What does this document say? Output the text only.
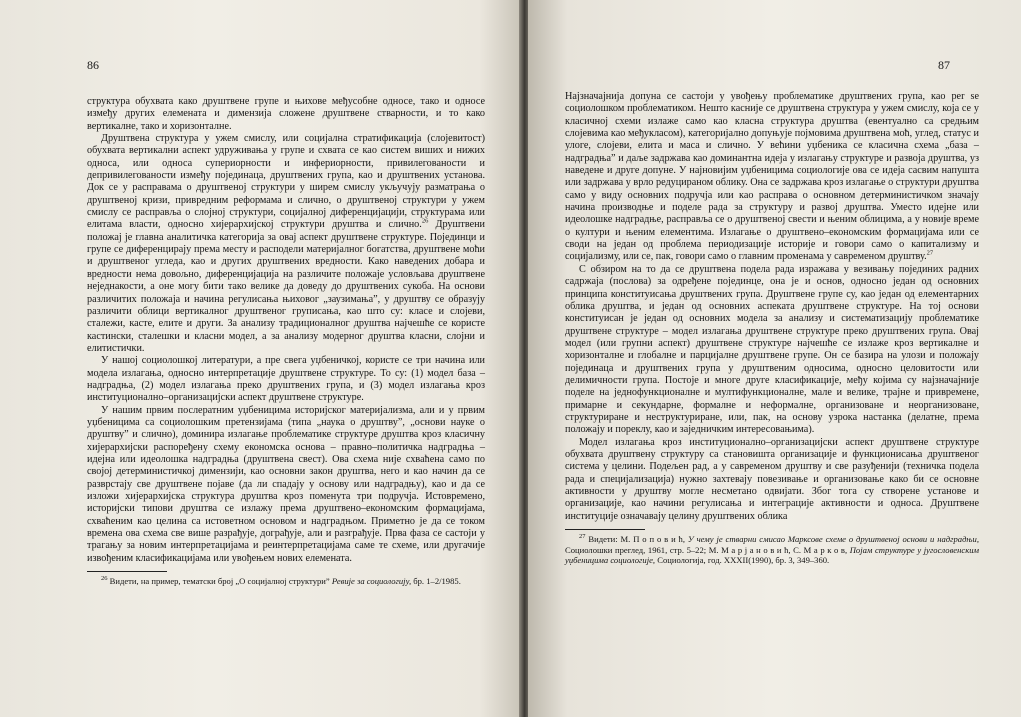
86

структура обухвата како друштвене групе и њихове међусобне односе, тако и односе између других елемената и димензија сложене друштвене стварности, и то како вертикалне, тако и хоризонталне.

Друштвена структура у ужем смислу, или социјална стратификација (слојевитост) обухвата вертикални аспект удруживања у групе и схвата се као систем виших и нижих односа, или односа супериорности и инфериорности, привилегованости и депривилегованости између појединаца, друштвених група, као и друштвених установа. Док се у расправама о друштвеној структури у ширем смислу укључују разматрања о друштвеној кризи, привредним реформама и слично, о друштвеној структури у ужем смислу се расправља о слојној структури, социјалној диференцијацији, структурама или елитама власти, односно хијерархијској структури друштва и слично.$^{26}$ Друштвени положај је главна аналитичка категорија за овај аспект друштвене структуре. Појединци и групе се диференцирају према месту и расподели материјалног богатства, друштвене моћи и друштвеног угледа, као и других друштвених вредности. Како наведених добара и вредности нема довољно, диференцијација на различите положаје условљава друштвене неједнакости, а оне могу бити тако велике да доведу до друштвених сукоба. На основи различитих положаја и начина регулисања њиховог „заузимања”, у друштву се образују различити облици вертикалног друштвеног груписања, као што су: класе и слојеви, сталежи, касте, елите и други. За анализу традиционалног друштва најчешће се користе кастински, сталешки и класни модел, а за анализу модерног друштва класни, слојни и елитистички.

У нашој социолошкој литератури, а пре свега уџбеничкој, користе се три начина или модела излагања, односно интерпретације друштвене структуре. То су: (1) модел база – надградња, (2) модел излагања преко друштвених група, и (3) модел излагања кроз институционално–организацијски аспект друштвене структуре.

У нашим првим послератним уџбеницима историјског материјализма, али и у првим уџбеницима са социолошким претензијама (типа „наука о друштву”, „основи науке о друштву” и слично), доминира излагање проблематике структуре друштва кроз класичну хијерархијски распоређену схему економска основа – правно–политичка надградња – идејна или идеолошка надградња (друштвена свест). Ова схема није схваћена само по својој детерминистичкој димензији, као основни закон друштва, него и као начин да се развpстају све друштвене појаве (да ли спадају у основу или надградњу), као и да се изложи хијерархијска структура друштва кроз поменута три подручја. Истовремено, историјски типови друштва се излажу према друштвено–економским формацијама, схваћеним као целина са истоветном основом и надградњом. Приметно је да се током времена ова схема све више разрађује, дограђује, али и разграђује. Прва фаза се састоји у трагању за новим интерпретацијама и реинтерпретацијама саме те схеме, или другачије извођеним класификацијама или увођењем нових елемената.

$^{26}$ Видети, на пример, тематски број „О социјалној структури” Ревије за социологију, бр. 1–2/1985.

87

Најзначајнија допуна се састоји у увођењу проблематике друштвених група, као per se социолошком проблематиком. Нешто касније се друштвена структура у ужем смислу, која се у класичној схеми излаже само као класна структура друштва (евентуално са средњим слојевима као међукласом), категоријално допуњује појмовима друштвена моћ, углед, статус и улоге, слојеви, елита и маса и слично. У већини уџбеника се класична схема „база – надградња” и даље задржава као доминантна идеја у излагању структуре и развоја друштва, уз наведене и друге допуне. У најновијим уџбеницима социологије ова се идеја сасвим напушта или задржава у врло редуцираном облику. Она се задржава кроз излагање о структури друштва само у виду основних подручја или као расправа о основном детерминистичком значају начина производње и поделе рада за структуру и развој друштва. Уместо идејне или идеолошке надградње, расправља се о друштвеној свести и њеним облицима, а у новије време о култури и њеним елементима. Излагање о друштвено–економским формацијама или се своди на један од проблема периодизације историје и говори само о капитализму и социјализму, или се, пак, говори само о главним променама у савременом друштву.$^{27}$

С обзиром на то да се друштвена подела рада изражава у везивању појединих радних садржаја (послова) за одређене појединце, она је и основ, односно један од основних принципа конституисања друштвених група. Друштвене групе су, као један од елементарних облика друштва, и један од основних аспеката друштвене структуре. На тој основи конституисан је један од основних модела за анализу и систематизацију проблематике друштвене структуре – модел излагања друштвене структуре преко друштвених група. Овај модел (или групни аспект) друштвене структуре најчешће се излаже кроз вертикалне и хоризонталне и глобалне и парцијалне друштвене групе. Он се базира на улози и положају појединаца и друштвених група у друштвеним односима, односно целовитости или делимичности група. Постоје и многе друге класификације, међу којима су најзначајније поделе на једнофункционалне и мултифункционалне, мале и велике, трајне и привремене, примарне и секундарне, формалне и неформалне, организоване и неорганизоване, структуриране и неструктуриране, или, пак, на основу узрока настанка (делатне, према положају и пореклу, као и заједничким интересовањима).

Модел излагања кроз институционално–организацијски аспект друштвене структуре обухвата друштвену структуру са становишта организације и функционисања друштвеног система у целини. Подељен рад, а у савременом друштву и све разуђенији (техничка подела рада и специјализација) нужно захтевају повезивање и организовање како би се основне активности у друштву могле несметано одвијати. Због тога су створене установе и организације, као начини регулисања и интеграције активности и односа. Друштвене институције означавају целину друштвених облика

$^{27}$ Видети: М. П о п о в и ћ, У чему је стварни смисао Марксове схеме о друштвеној основи и надградњи, Социолошки преглед, 1961, стр. 5–22; М. М а р ј а н о в и ћ, С. М а р к о в, Појам структуре у југословенским уџбеницима социологије, Социологија, год. XXXII(1990), бр. 3, 349–360.
